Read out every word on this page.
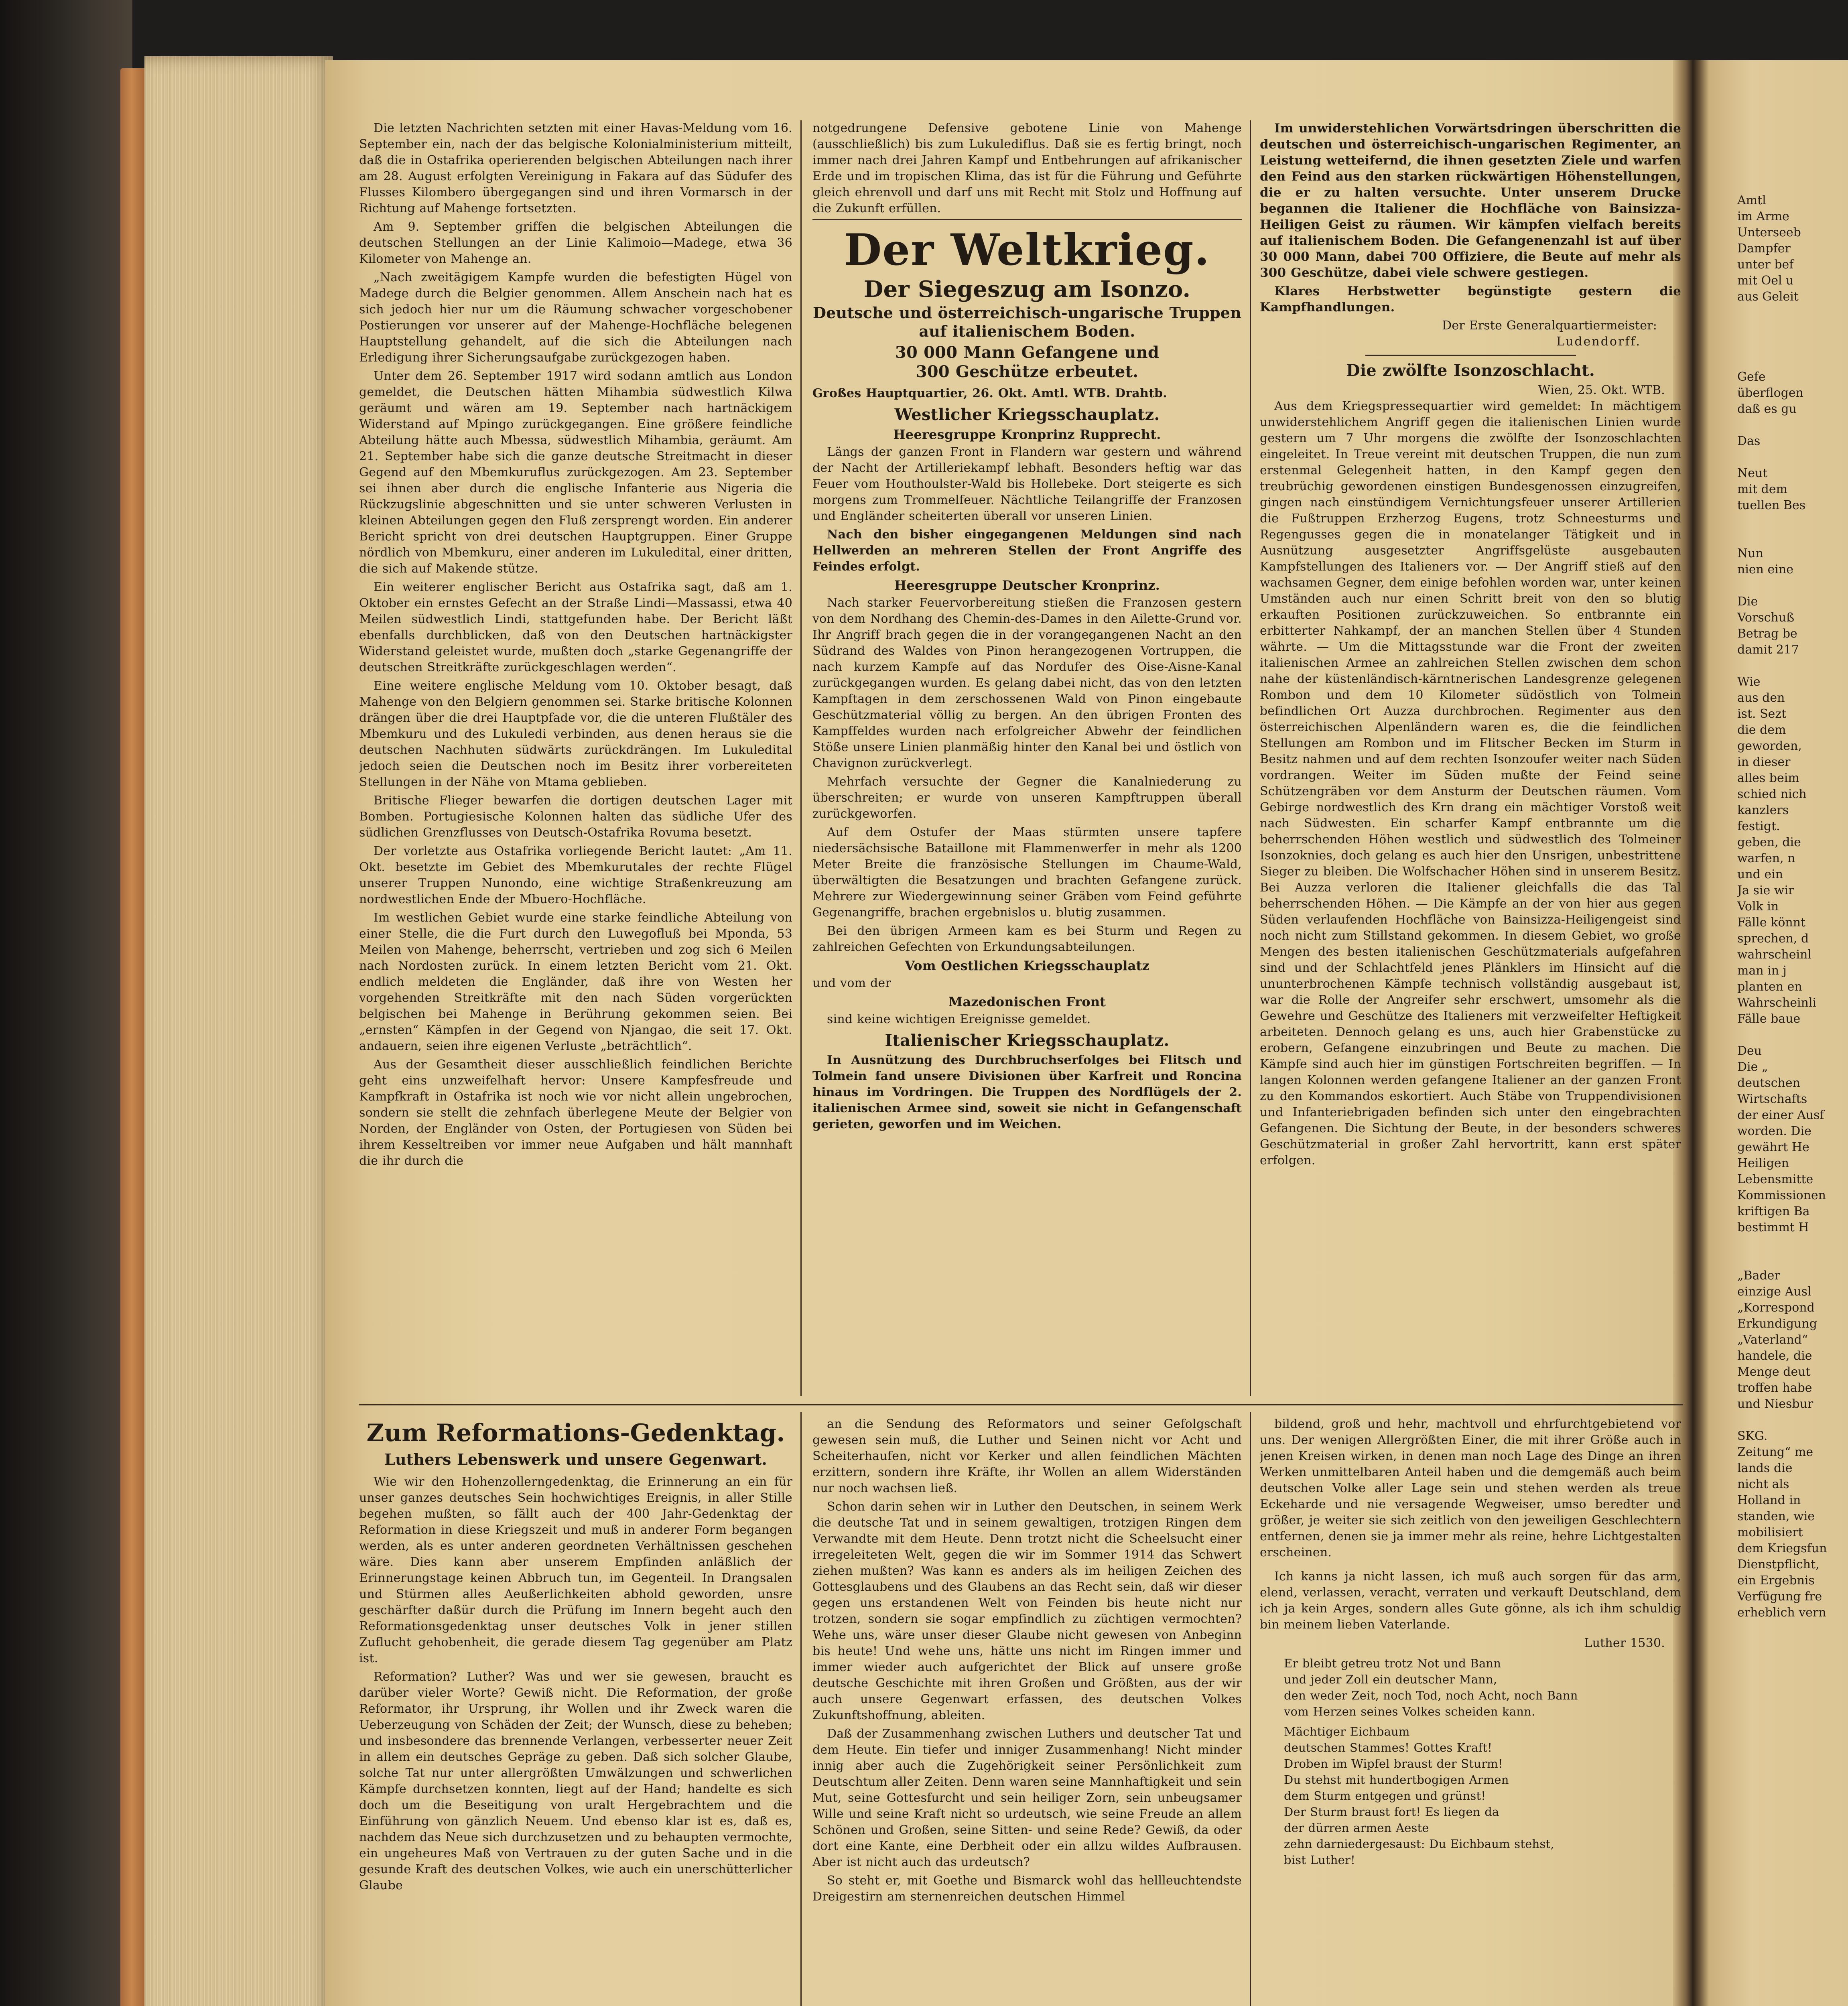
Die letzten Nachrichten setzten mit einer Havas-Meldung vom 16. September ein, nach der das belgische Kolonialministerium mitteilt, daß die in Ostafrika operierenden belgischen Abteilungen nach ihrer am 28. August erfolgten Vereinigung in Fakara auf das Südufer des Flusses Kilombero übergegangen sind und ihren Vormarsch in der Richtung auf Mahenge fortsetzten.

Am 9. September griffen die belgischen Abteilungen die deutschen Stellungen an der Linie Kalimoio—Madege, etwa 36 Kilometer von Mahenge an.

„Nach zweitägigem Kampfe wurden die befestigten Hügel von Madege durch die Belgier genommen. Allem Anschein nach hat es sich jedoch hier nur um die Räumung schwacher vorgeschobener Postierungen vor unserer auf der Mahenge-Hochfläche belegenen Hauptstellung gehandelt, auf die sich die Abteilungen nach Erledigung ihrer Sicherungsaufgabe zurückgezogen haben.

Unter dem 26. September 1917 wird sodann amtlich aus London gemeldet, die Deutschen hätten Mihambia südwestlich Kilwa geräumt und wären am 19. September nach hartnäckigem Widerstand auf Mpingo zurückgegangen. Eine größere feindliche Abteilung hätte auch Mbessa, südwestlich Mihambia, geräumt. Am 21. September habe sich die ganze deutsche Streitmacht in dieser Gegend auf den Mbemkuruflus zurückgezogen. Am 23. September sei ihnen aber durch die englische Infanterie aus Nigeria die Rückzugslinie abgeschnitten und sie unter schweren Verlusten in kleinen Abteilungen gegen den Fluß zersprengt worden. Ein anderer Bericht spricht von drei deutschen Hauptgruppen. Einer Gruppe nördlich von Mbemkuru, einer anderen im Lukuledital, einer dritten, die sich auf Makende stütze.

Ein weiterer englischer Bericht aus Ostafrika sagt, daß am 1. Oktober ein ernstes Gefecht an der Straße Lindi—Massassi, etwa 40 Meilen südwestlich Lindi, stattgefunden habe. Der Bericht läßt ebenfalls durchblicken, daß von den Deutschen hartnäckigster Widerstand geleistet wurde, mußten doch „starke Gegenangriffe der deutschen Streitkräfte zurückgeschlagen werden“.

Eine weitere englische Meldung vom 10. Oktober besagt, daß Mahenge von den Belgiern genommen sei. Starke britische Kolonnen drängen über die drei Hauptpfade vor, die die unteren Flußtäler des Mbemkuru und des Lukuledi verbinden, aus denen heraus sie die deutschen Nachhuten südwärts zurückdrängen. Im Lukuledital jedoch seien die Deutschen noch im Besitz ihrer vorbereiteten Stellungen in der Nähe von Mtama geblieben.

Britische Flieger bewarfen die dortigen deutschen Lager mit Bomben. Portugiesische Kolonnen halten das südliche Ufer des südlichen Grenzflusses von Deutsch-Ostafrika Rovuma besetzt.

Der vorletzte aus Ostafrika vorliegende Bericht lautet: „Am 11. Okt. besetzte im Gebiet des Mbemkurutales der rechte Flügel unserer Truppen Nunondo, eine wichtige Straßenkreuzung am nordwestlichen Ende der Mbuero-Hochfläche.

Im westlichen Gebiet wurde eine starke feindliche Abteilung von einer Stelle, die die Furt durch den Luwegofluß bei Mponda, 53 Meilen von Mahenge, beherrscht, vertrieben und zog sich 6 Meilen nach Nordosten zurück. In einem letzten Bericht vom 21. Okt. endlich meldeten die Engländer, daß ihre von Westen her vorgehenden Streitkräfte mit den nach Süden vorgerückten belgischen bei Mahenge in Berührung gekommen seien. Bei „ernsten“ Kämpfen in der Gegend von Njangao, die seit 17. Okt. andauern, seien ihre eigenen Verluste „beträchtlich“.

Aus der Gesamtheit dieser ausschließlich feindlichen Berichte geht eins unzweifelhaft hervor: Unsere Kampfesfreude und Kampfkraft in Ostafrika ist noch wie vor nicht allein ungebrochen, sondern sie stellt die zehnfach überlegene Meute der Belgier von Norden, der Engländer von Osten, der Portugiesen von Süden bei ihrem Kesseltreiben vor immer neue Aufgaben und hält mannhaft die ihr durch die

notgedrungene Defensive gebotene Linie von Mahenge (ausschließlich) bis zum Lukulediflus. Daß sie es fertig bringt, noch immer nach drei Jahren Kampf und Entbehrungen auf afrikanischer Erde und im tropischen Klima, das ist für die Führung und Geführte gleich ehrenvoll und darf uns mit Recht mit Stolz und Hoffnung auf die Zukunft erfüllen.

Der Weltkrieg.
Der Siegeszug am Isonzo.
Deutsche und österreichisch-ungarische Truppen auf italienischem Boden.
30 000 Mann Gefangene und
300 Geschütze erbeutet.

Großes Hauptquartier, 26. Okt. Amtl. WTB. Drahtb.

Westlicher Kriegsschauplatz.
Heeresgruppe Kronprinz Rupprecht.

Längs der ganzen Front in Flandern war gestern und während der Nacht der Artilleriekampf lebhaft. Besonders heftig war das Feuer vom Houthoulster-Wald bis Hollebeke. Dort steigerte es sich morgens zum Trommelfeuer. Nächtliche Teilangriffe der Franzosen und Engländer scheiterten überall vor unseren Linien.

Nach den bisher eingegangenen Meldungen sind nach Hellwerden an mehreren Stellen der Front Angriffe des Feindes erfolgt.

Heeresgruppe Deutscher Kronprinz.

Nach starker Feuervorbereitung stießen die Franzosen gestern von dem Nordhang des Chemin-des-Dames in den Ailette-Grund vor. Ihr Angriff brach gegen die in der vorangegangenen Nacht an den Südrand des Waldes von Pinon herangezogenen Vortruppen, die nach kurzem Kampfe auf das Nordufer des Oise-Aisne-Kanal zurückgegangen wurden. Es gelang dabei nicht, das von den letzten Kampftagen in dem zerschossenen Wald von Pinon eingebaute Geschützmaterial völlig zu bergen. An den übrigen Fronten des Kampffeldes wurden nach erfolgreicher Abwehr der feindlichen Stöße unsere Linien planmäßig hinter den Kanal bei und östlich von Chavignon zurückverlegt.

Mehrfach versuchte der Gegner die Kanalniederung zu überschreiten; er wurde von unseren Kampftruppen überall zurückgeworfen.

Auf dem Ostufer der Maas stürmten unsere tapfere niedersächsische Bataillone mit Flammenwerfer in mehr als 1200 Meter Breite die französische Stellungen im Chaume-Wald, überwältigten die Besatzungen und brachten Gefangene zurück. Mehrere zur Wiedergewinnung seiner Gräben vom Feind geführte Gegenangriffe, brachen ergebnislos u. blutig zusammen.

Bei den übrigen Armeen kam es bei Sturm und Regen zu zahlreichen Gefechten von Erkundungsabteilungen.

Vom Oestlichen Kriegsschauplatz

und vom der

Mazedonischen Front

sind keine wichtigen Ereignisse gemeldet.

Italienischer Kriegsschauplatz.

In Ausnützung des Durchbruchserfolges bei Flitsch und Tolmein fand unsere Divisionen über Karfreit und Roncina hinaus im Vordringen. Die Truppen des Nordflügels der 2. italienischen Armee sind, soweit sie nicht in Gefangenschaft gerieten, geworfen und im Weichen.

Im unwiderstehlichen Vorwärtsdringen überschritten die deutschen und österreichisch-ungarischen Regimenter, an Leistung wetteifernd, die ihnen gesetzten Ziele und warfen den Feind aus den starken rückwärtigen Höhenstellungen, die er zu halten versuchte. Unter unserem Drucke begannen die Italiener die Hochfläche von Bainsizza-Heiligen Geist zu räumen. Wir kämpfen vielfach bereits auf italienischem Boden. Die Gefangenenzahl ist auf über 30 000 Mann, dabei 700 Offiziere, die Beute auf mehr als 300 Geschütze, dabei viele schwere gestiegen.

Klares Herbstwetter begünstigte gestern die Kampfhandlungen.

Der Erste Generalquartiermeister:
Ludendorff.
Die zwölfte Isonzoschlacht.
Wien, 25. Okt. WTB.

Aus dem Kriegspressequartier wird gemeldet: In mächtigem unwiderstehlichem Angriff gegen die italienischen Linien wurde gestern um 7 Uhr morgens die zwölfte der Isonzoschlachten eingeleitet. In Treue vereint mit deutschen Truppen, die nun zum erstenmal Gelegenheit hatten, in den Kampf gegen den treubrüchig gewordenen einstigen Bundesgenossen einzugreifen, gingen nach einstündigem Vernichtungsfeuer unserer Artillerien die Fußtruppen Erzherzog Eugens, trotz Schneesturms und Regengusses gegen die in monatelanger Tätigkeit und in Ausnützung ausgesetzter Angriffsgelüste ausgebauten Kampfstellungen des Italieners vor. — Der Angriff stieß auf den wachsamen Gegner, dem einige befohlen worden war, unter keinen Umständen auch nur einen Schritt breit von den so blutig erkauften Positionen zurückzuweichen. So entbrannte ein erbitterter Nahkampf, der an manchen Stellen über 4 Stunden währte. — Um die Mittagsstunde war die Front der zweiten italienischen Armee an zahlreichen Stellen zwischen dem schon nahe der küstenländisch-kärntnerischen Landesgrenze gelegenen Rombon und dem 10 Kilometer südöstlich von Tolmein befindlichen Ort Auzza durchbrochen. Regimenter aus den österreichischen Alpenländern waren es, die die feindlichen Stellungen am Rombon und im Flitscher Becken im Sturm in Besitz nahmen und auf dem rechten Isonzoufer weiter nach Süden vordrangen. Weiter im Süden mußte der Feind seine Schützengräben vor dem Ansturm der Deutschen räumen. Vom Gebirge nordwestlich des Krn drang ein mächtiger Vorstoß weit nach Südwesten. Ein scharfer Kampf entbrannte um die beherrschenden Höhen westlich und südwestlich des Tolmeiner Isonzoknies, doch gelang es auch hier den Unsrigen, unbestrittene Sieger zu bleiben. Die Wolfschacher Höhen sind in unserem Besitz. Bei Auzza verloren die Italiener gleichfalls die das Tal beherrschenden Höhen. — Die Kämpfe an der von hier aus gegen Süden verlaufenden Hochfläche von Bainsizza-Heiligengeist sind noch nicht zum Stillstand gekommen. In diesem Gebiet, wo große Mengen des besten italienischen Geschützmaterials aufgefahren sind und der Schlachtfeld jenes Plänklers im Hinsicht auf die ununterbrochenen Kämpfe technisch vollständig ausgebaut ist, war die Rolle der Angreifer sehr erschwert, umsomehr als die Gewehre und Geschütze des Italieners mit verzweifelter Heftigkeit arbeiteten. Dennoch gelang es uns, auch hier Grabenstücke zu erobern, Gefangene einzubringen und Beute zu machen. Die Kämpfe sind auch hier im günstigen Fortschreiten begriffen. — In langen Kolonnen werden gefangene Italiener an der ganzen Front zu den Kommandos eskortiert. Auch Stäbe von Truppendivisionen und Infanteriebrigaden befinden sich unter den eingebrachten Gefangenen. Die Sichtung der Beute, in der besonders schweres Geschützmaterial in großer Zahl hervortritt, kann erst später erfolgen.

Zum Reformations-Gedenktag.
Luthers Lebenswerk und unsere Gegenwart.

Wie wir den Hohenzollerngedenktag, die Erinnerung an ein für unser ganzes deutsches Sein hochwichtiges Ereignis, in aller Stille begehen mußten, so fällt auch der 400 Jahr-Gedenktag der Reformation in diese Kriegszeit und muß in anderer Form begangen werden, als es unter anderen geordneten Verhältnissen geschehen wäre. Dies kann aber unserem Empfinden anläßlich der Erinnerungstage keinen Abbruch tun, im Gegenteil. In Drangsalen und Stürmen alles Aeußerlichkeiten abhold geworden, unsre geschärfter daßür durch die Prüfung im Innern begeht auch den Reformationsgedenktag unser deutsches Volk in jener stillen Zuflucht gehobenheit, die gerade diesem Tag gegenüber am Platz ist.

Reformation? Luther? Was und wer sie gewesen, braucht es darüber vieler Worte? Gewiß nicht. Die Reformation, der große Reformator, ihr Ursprung, ihr Wollen und ihr Zweck waren die Ueberzeugung von Schäden der Zeit; der Wunsch, diese zu beheben; und insbesondere das brennende Verlangen, verbesserter neuer Zeit in allem ein deutsches Gepräge zu geben. Daß sich solcher Glaube, solche Tat nur unter allergrößten Umwälzungen und schwerlichen Kämpfe durchsetzen konnten, liegt auf der Hand; handelte es sich doch um die Beseitigung von uralt Hergebrachtem und die Einführung von gänzlich Neuem. Und ebenso klar ist es, daß es, nachdem das Neue sich durchzusetzen und zu behaupten vermochte, ein ungeheures Maß von Vertrauen zu der guten Sache und in die gesunde Kraft des deutschen Volkes, wie auch ein unerschütterlicher Glaube

an die Sendung des Reformators und seiner Gefolgschaft gewesen sein muß, die Luther und Seinen nicht vor Acht und Scheiterhaufen, nicht vor Kerker und allen feindlichen Mächten erzittern, sondern ihre Kräfte, ihr Wollen an allem Widerständen nur noch wachsen ließ.

Schon darin sehen wir in Luther den Deutschen, in seinem Werk die deutsche Tat und in seinem gewaltigen, trotzigen Ringen dem Verwandte mit dem Heute. Denn trotzt nicht die Scheelsucht einer irregeleiteten Welt, gegen die wir im Sommer 1914 das Schwert ziehen mußten? Was kann es anders als im heiligen Zeichen des Gottesglaubens und des Glaubens an das Recht sein, daß wir dieser gegen uns erstandenen Welt von Feinden bis heute nicht nur trotzen, sondern sie sogar empfindlich zu züchtigen vermochten? Wehe uns, wäre unser dieser Glaube nicht gewesen von Anbeginn bis heute! Und wehe uns, hätte uns nicht im Ringen immer und immer wieder auch aufgerichtet der Blick auf unsere große deutsche Geschichte mit ihren Großen und Größten, aus der wir auch unsere Gegenwart erfassen, des deutschen Volkes Zukunftshoffnung, ableiten.

Daß der Zusammenhang zwischen Luthers und deutscher Tat und dem Heute. Ein tiefer und inniger Zusammenhang! Nicht minder innig aber auch die Zugehörigkeit seiner Persönlichkeit zum Deutschtum aller Zeiten. Denn waren seine Mannhaftigkeit und sein Mut, seine Gottesfurcht und sein heiliger Zorn, sein unbeugsamer Wille und seine Kraft nicht so urdeutsch, wie seine Freude an allem Schönen und Großen, seine Sitten- und seine Rede? Gewiß, da oder dort eine Kante, eine Derbheit oder ein allzu wildes Aufbrausen. Aber ist nicht auch das urdeutsch?

So steht er, mit Goethe und Bismarck wohl das hellleuchtendste Dreigestirn am sternenreichen deutschen Himmel

bildend, groß und hehr, machtvoll und ehrfurchtgebietend vor uns. Der wenigen Allergrößten Einer, die mit ihrer Größe auch in jenen Kreisen wirken, in denen man noch Lage des Dinge an ihren Werken unmittelbaren Anteil haben und die demgemäß auch beim deutschen Volke aller Lage sein und stehen werden als treue Eckeharde und nie versagende Wegweiser, umso beredter und größer, je weiter sie sich zeitlich von den jeweiligen Geschlechtern entfernen, denen sie ja immer mehr als reine, hehre Lichtgestalten erscheinen.

Ich kanns ja nicht lassen, ich muß auch sorgen für das arm, elend, verlassen, veracht, verraten und verkauft Deutschland, dem ich ja kein Arges, sondern alles Gute gönne, als ich ihm schuldig bin meinem lieben Vaterlande.

Luther 1530.
Er bleibt getreu trotz Not und Bann
und jeder Zoll ein deutscher Mann,
den weder Zeit, noch Tod, noch Acht, noch Bann
vom Herzen seines Volkes scheiden kann.
Mächtiger Eichbaum
deutschen Stammes! Gottes Kraft!
Droben im Wipfel braust der Sturm!
Du stehst mit hundertbogigen Armen
dem Sturm entgegen und grünst!
Der Sturm braust fort! Es liegen da
der dürren armen Aeste
zehn darniedergesaust: Du Eichbaum stehst,
bist Luther!
Amtl
im Arme
Unterseeb
Dampfer
unter bef
mit Oel u
aus Geleit
Gefe
überflogen
daß es gu
Das
Neut
mit dem
tuellen Bes
Nun
nien eine
Die
Vorschuß
Betrag be
damit 217
Wie
aus den
ist. Sezt
die dem
geworden,
in dieser
alles beim
schied nich
kanzlers
festigt.
geben, die
warfen, n
und ein
Ja sie wir
Volk in
Fälle könnt
sprechen, d
wahrscheinl
man in j
planten en
Wahrscheinli
Fälle baue
Deu
Die „
deutschen
Wirtschafts
der einer Ausf
worden. Die
gewährt He
Heiligen
Lebensmitte
Kommissionen
kriftigen Ba
bestimmt H
„Bader
einzige Ausl
„Korrespond
Erkundigung
„Vaterland“
handele, die
Menge deut
troffen habe
und Niesbur
SKG.
Zeitung“ me
lands die
nicht als
Holland in
standen, wie
mobilisiert
dem Kriegsfun
Dienstpflicht,
ein Ergebnis
Verfügung fre
erheblich vern
